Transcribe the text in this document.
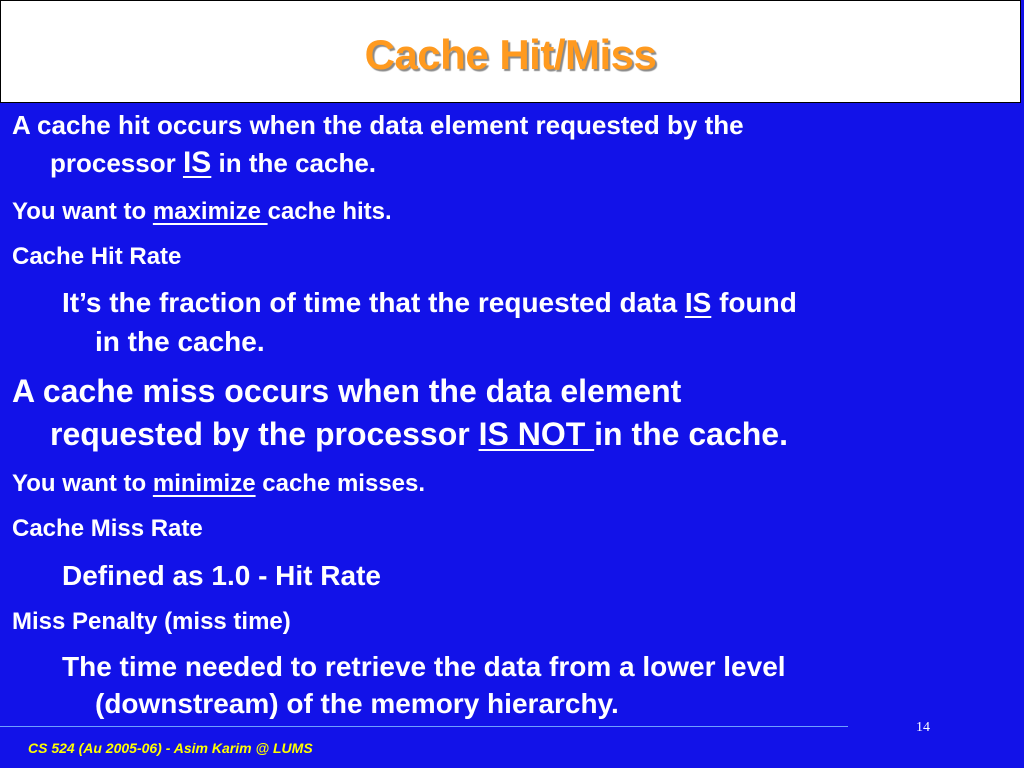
Cache Hit/Miss
A cache hit occurs when the data element requested by the
processor IS in the cache.
You want to maximize cache hits.
Cache Hit Rate
It’s the fraction of time that the requested data IS found
in the cache.
A cache miss occurs when the data element
requested by the processor IS NOT in the cache.
You want to minimize cache misses.
Cache Miss Rate
Defined as 1.0 - Hit Rate
Miss Penalty (miss time)
The time needed to retrieve the data from a lower level
(downstream) of the memory hierarchy.
14
CS 524 (Au 2005-06) - Asim Karim @ LUMS
